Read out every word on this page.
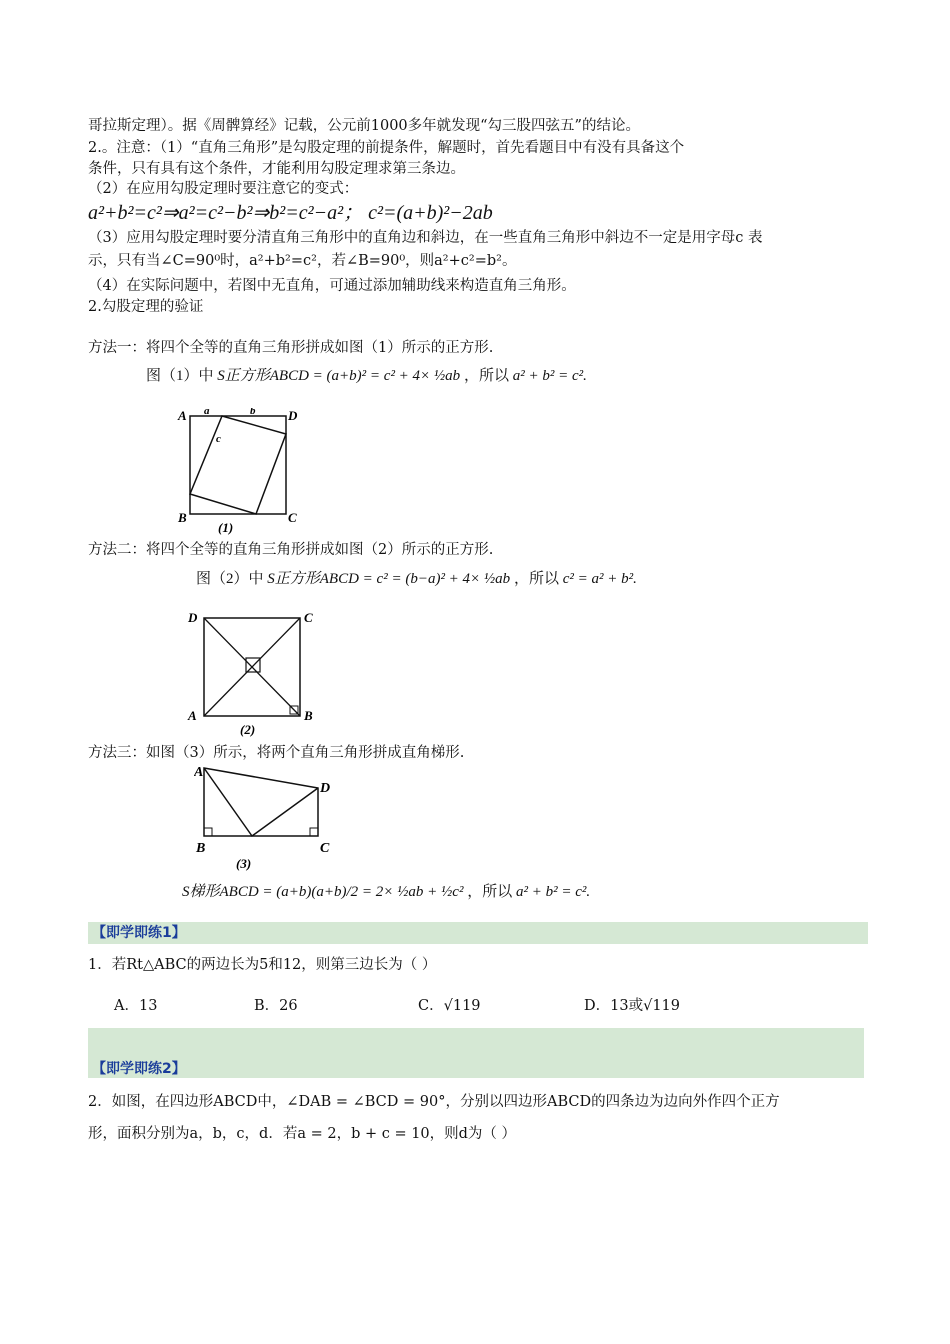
哥拉斯定理）。据《周髀算经》记载，公元前1000多年就发现“勾三股四弦五”的结论。
2.。注意：（1）“直角三角形”是勾股定理的前提条件，解题时，首先看题目中有没有具备这个
条件，只有具有这个条件，才能利用勾股定理求第三条边。
（2）在应用勾股定理时要注意它的变式：
a²+b²=c²⇒a²=c²−b²⇒b²=c²−a²； c²=(a+b)²−2ab
（3）应用勾股定理时要分清直角三角形中的直角边和斜边，在一些直角三角形中斜边不一定是用字母c 表
示，只有当∠C=90⁰时，a²+b²=c²，若∠B=90⁰，则a²+c²=b²。
（4）在实际问题中，若图中无直角，可通过添加辅助线来构造直角三角形。
2.勾股定理的验证
方法一：将四个全等的直角三角形拼成如图（1）所示的正方形.
图（1）中 S正方形ABCD = (a+b)² = c² + 4× ½ab ，所以 a² + b² = c².
A	D
B	C
(1)
a	b
c
方法二：将四个全等的直角三角形拼成如图（2）所示的正方形.
图（2）中 S正方形ABCD = c² = (b−a)² + 4× ½ab ，所以 c² = a² + b².
D	C
A	B
(2)
方法三：如图（3）所示，将两个直角三角形拼成直角梯形.
A
D
B	C
(3)
S梯形ABCD = (a+b)(a+b)/2 = 2× ½ab + ½c² ，所以 a² + b² = c².
【即学即练1】
1．若Rt△ABC的两边长为5和12，则第三边长为（ ）
A．13	B．26	C．√119	D．13或√119
【即学即练2】
2．如图，在四边形ABCD中，∠DAB = ∠BCD = 90°，分别以四边形ABCD的四条边为边向外作四个正方
形，面积分别为a，b，c，d．若a = 2，b + c = 10，则d为（ ）
